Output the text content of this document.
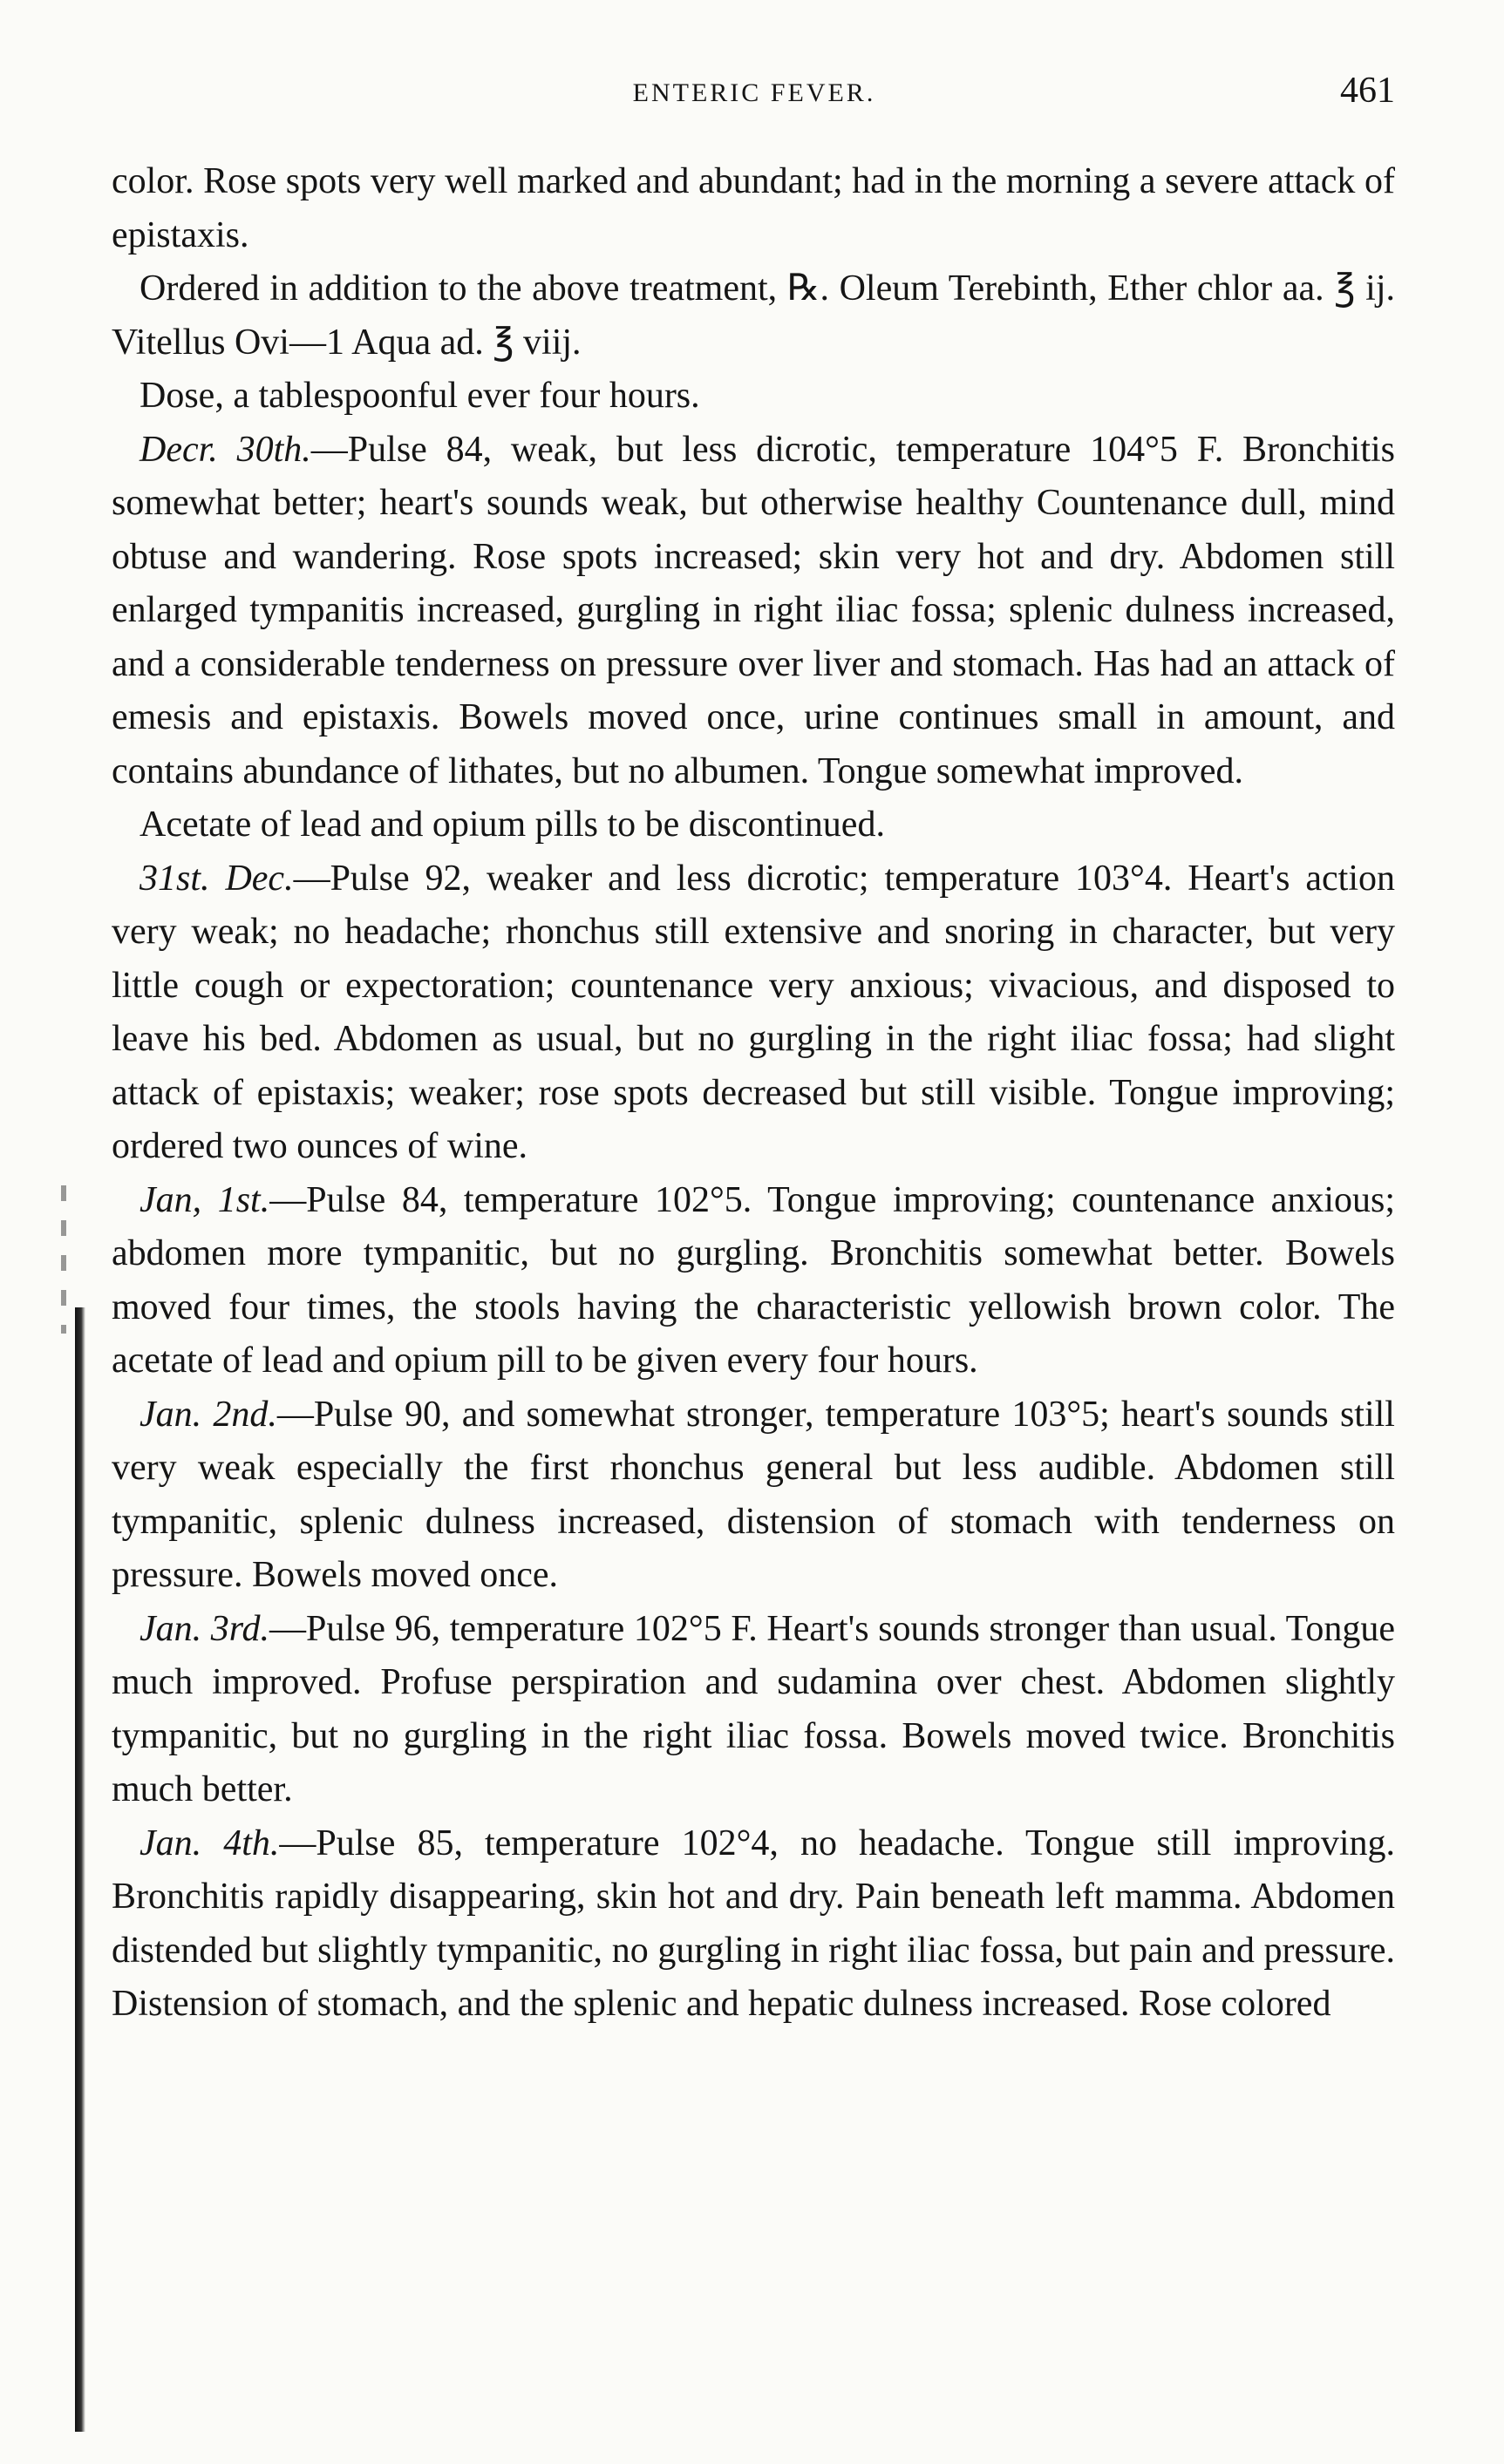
ENTERIC FEVER.	461

color. Rose spots very well marked and abundant; had in the morning a severe attack of epistaxis.

Ordered in addition to the above treatment, ℞. Oleum Terebinth, Ether chlor aa. ℥ ij. Vitellus Ovi—1 Aqua ad. ℥ viij.

Dose, a tablespoonful ever four hours.

Decr. 30th.—Pulse 84, weak, but less dicrotic, temperature 104°5 F. Bronchitis somewhat better; heart's sounds weak, but otherwise healthy Countenance dull, mind obtuse and wandering. Rose spots increased; skin very hot and dry. Abdomen still enlarged tympanitis increased, gurgling in right iliac fossa; splenic dulness increased, and a considerable tenderness on pressure over liver and stomach. Has had an attack of emesis and epistaxis. Bowels moved once, urine continues small in amount, and contains abundance of lithates, but no albumen. Tongue somewhat improved.

Acetate of lead and opium pills to be discontinued.

31st. Dec.—Pulse 92, weaker and less dicrotic; temperature 103°4. Heart's action very weak; no headache; rhonchus still extensive and snoring in character, but very little cough or expectoration; countenance very anxious; vivacious, and disposed to leave his bed. Abdomen as usual, but no gurgling in the right iliac fossa; had slight attack of epistaxis; weaker; rose spots decreased but still visible. Tongue improving; ordered two ounces of wine.

Jan, 1st.—Pulse 84, temperature 102°5. Tongue improving; countenance anxious; abdomen more tympanitic, but no gurgling. Bronchitis somewhat better. Bowels moved four times, the stools having the characteristic yellowish brown color. The acetate of lead and opium pill to be given every four hours.

Jan. 2nd.—Pulse 90, and somewhat stronger, temperature 103°5; heart's sounds still very weak especially the first rhonchus general but less audible. Abdomen still tympanitic, splenic dulness increased, distension of stomach with tenderness on pressure. Bowels moved once.

Jan. 3rd.—Pulse 96, temperature 102°5 F. Heart's sounds stronger than usual. Tongue much improved. Profuse perspiration and sudamina over chest. Abdomen slightly tympanitic, but no gurgling in the right iliac fossa. Bowels moved twice. Bronchitis much better.

Jan. 4th.—Pulse 85, temperature 102°4, no headache. Tongue still improving. Bronchitis rapidly disappearing, skin hot and dry. Pain beneath left mamma. Abdomen distended but slightly tympanitic, no gurgling in right iliac fossa, but pain and pressure. Distension of stomach, and the splenic and hepatic dulness increased. Rose colored
